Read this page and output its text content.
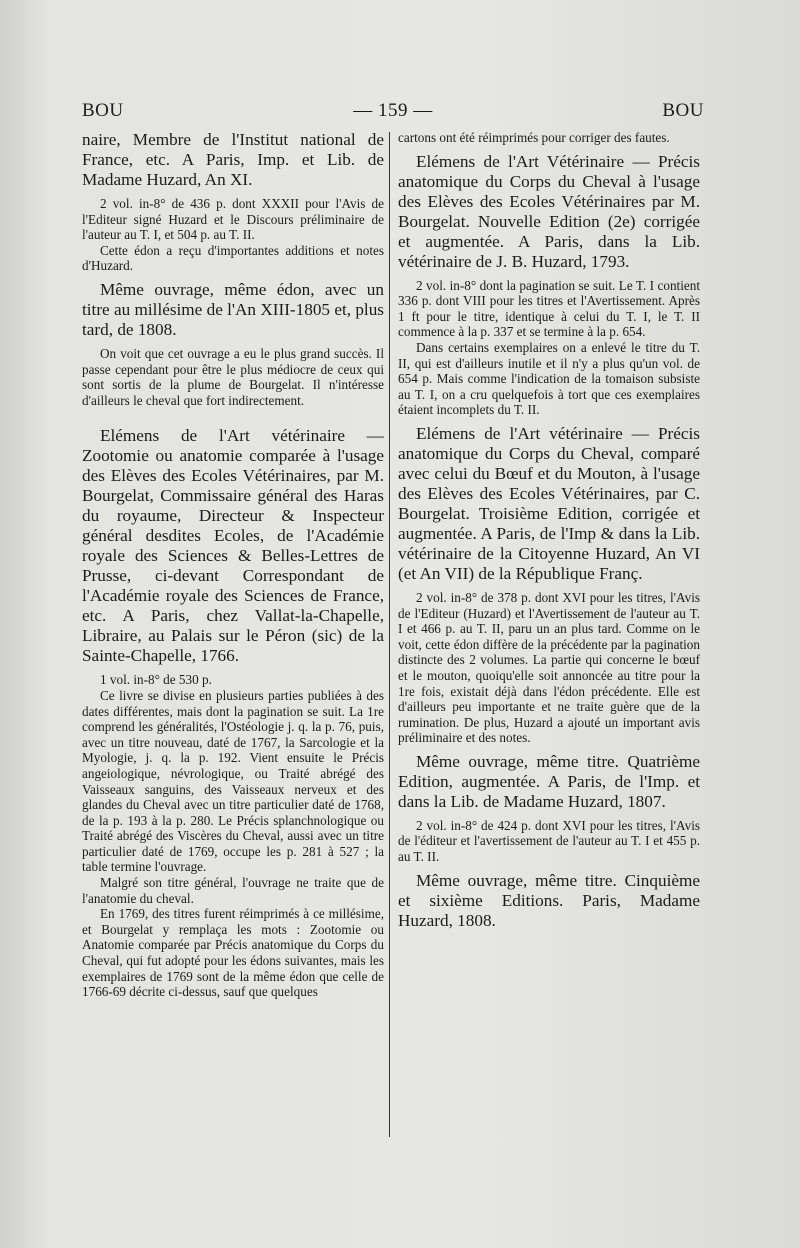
BOU	— 159 —	BOU

naire, Membre de l'Institut national de France, etc. A Paris, Imp. et Lib. de Madame Huzard, An XI.

2 vol. in-8° de 436 p. dont XXXII pour l'Avis de l'Editeur signé Huzard et le Discours préliminaire de l'auteur au T. I, et 504 p. au T. II.

Cette édon a reçu d'importantes additions et notes d'Huzard.

Même ouvrage, même édon, avec un titre au millésime de l'An XIII-1805 et, plus tard, de 1808.

On voit que cet ouvrage a eu le plus grand succès. Il passe cependant pour être le plus médiocre de ceux qui sont sortis de la plume de Bourgelat. Il n'intéresse d'ailleurs le cheval que fort indirectement.

Elémens de l'Art vétérinaire — Zootomie ou anatomie comparée à l'usage des Elèves des Ecoles Vétérinaires, par M. Bourgelat, Commissaire général des Haras du royaume, Directeur & Inspecteur général desdites Ecoles, de l'Académie royale des Sciences & Belles-Lettres de Prusse, ci-devant Correspondant de l'Académie royale des Sciences de France, etc. A Paris, chez Vallat-la-Chapelle, Libraire, au Palais sur le Péron (sic) de la Sainte-Chapelle, 1766.

1 vol. in-8° de 530 p.

Ce livre se divise en plusieurs parties publiées à des dates différentes, mais dont la pagination se suit. La 1re comprend les généralités, l'Ostéologie j. q. la p. 76, puis, avec un titre nouveau, daté de 1767, la Sarcologie et la Myologie, j. q. la p. 192. Vient ensuite le Précis angeiologique, névrologique, ou Traité abrégé des Vaisseaux sanguins, des Vaisseaux nerveux et des glandes du Cheval avec un titre particulier daté de 1768, de la p. 193 à la p. 280. Le Précis splanchnologique ou Traité abrégé des Viscères du Cheval, aussi avec un titre particulier daté de 1769, occupe les p. 281 à 527 ; la table termine l'ouvrage.

Malgré son titre général, l'ouvrage ne traite que de l'anatomie du cheval.

En 1769, des titres furent réimprimés à ce millésime, et Bourgelat y remplaça les mots : Zootomie ou Anatomie comparée par Précis anatomique du Corps du Cheval, qui fut adopté pour les édons suivantes, mais les exemplaires de 1769 sont de la même édon que celle de 1766-69 décrite ci-dessus, sauf que quelques

cartons ont été réimprimés pour corriger des fautes.

Elémens de l'Art Vétérinaire — Précis anatomique du Corps du Cheval à l'usage des Elèves des Ecoles Vétérinaires par M. Bourgelat. Nouvelle Edition (2e) corrigée et augmentée. A Paris, dans la Lib. vétérinaire de J. B. Huzard, 1793.

2 vol. in-8° dont la pagination se suit. Le T. I contient 336 p. dont VIII pour les titres et l'Avertissement. Après 1 ft pour le titre, identique à celui du T. I, le T. II commence à la p. 337 et se termine à la p. 654.

Dans certains exemplaires on a enlevé le titre du T. II, qui est d'ailleurs inutile et il n'y a plus qu'un vol. de 654 p. Mais comme l'indication de la tomaison subsiste au T. I, on a cru quelquefois à tort que ces exemplaires étaient incomplets du T. II.

Elémens de l'Art vétérinaire — Précis anatomique du Corps du Cheval, comparé avec celui du Bœuf et du Mouton, à l'usage des Elèves des Ecoles Vétérinaires, par C. Bourgelat. Troisième Edition, corrigée et augmentée. A Paris, de l'Imp & dans la Lib. vétérinaire de la Citoyenne Huzard, An VI (et An VII) de la République Franç.

2 vol. in-8° de 378 p. dont XVI pour les titres, l'Avis de l'Editeur (Huzard) et l'Avertissement de l'auteur au T. I et 466 p. au T. II, paru un an plus tard. Comme on le voit, cette édon diffère de la précédente par la pagination distincte des 2 volumes. La partie qui concerne le bœuf et le mouton, quoiqu'elle soit annoncée au titre pour la 1re fois, existait déjà dans l'édon précédente. Elle est d'ailleurs peu importante et ne traite guère que de la rumination. De plus, Huzard a ajouté un important avis préliminaire et des notes.

Même ouvrage, même titre. Quatrième Edition, augmentée. A Paris, de l'Imp. et dans la Lib. de Madame Huzard, 1807.

2 vol. in-8° de 424 p. dont XVI pour les titres, l'Avis de l'éditeur et l'avertissement de l'auteur au T. I et 455 p. au T. II.

Même ouvrage, même titre. Cinquième et sixième Editions. Paris, Madame Huzard, 1808.
